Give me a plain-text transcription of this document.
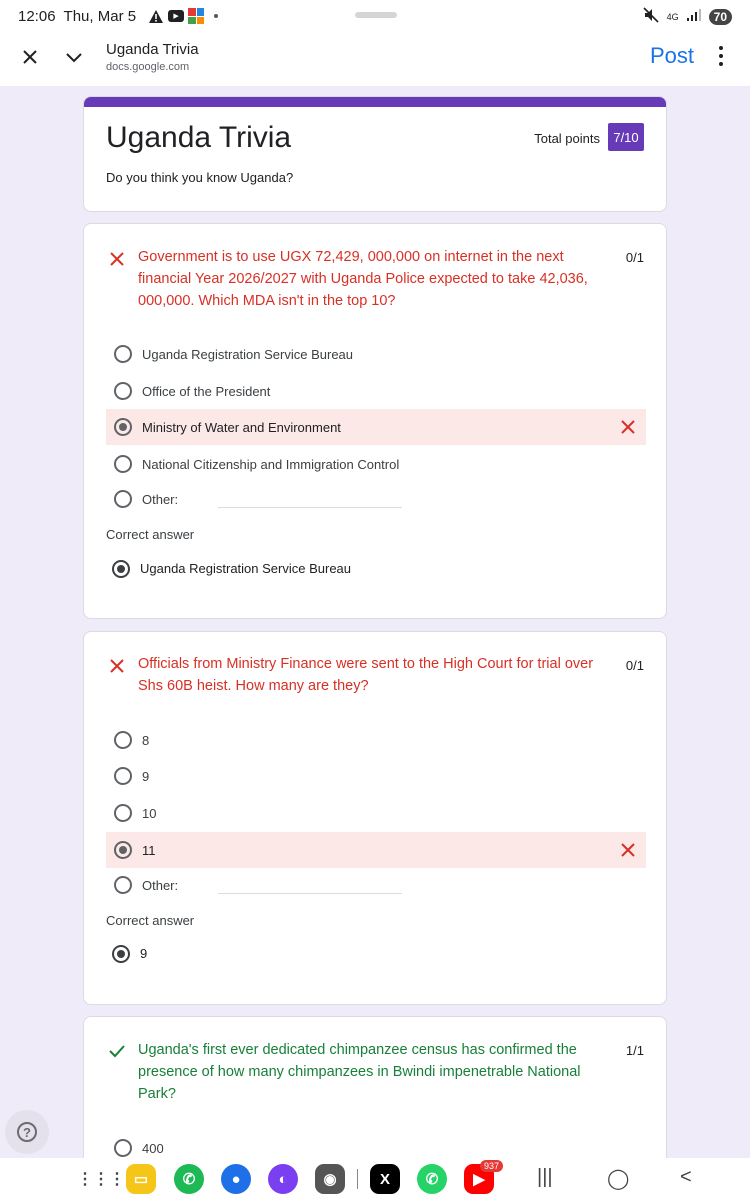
12:06 Thu, Mar 5	▶	4G	70
Uganda Trivia
docs.google.com	Post
Uganda Trivia	Total points	7/10
Do you think you know Uganda?
Government is to use UGX 72,429, 000,000 on internet in the next financial Year 2026/2027 with Uganda Police expected to take 42,036, 000,000. Which MDA isn't in the top 10?
0/1
Uganda Registration Service Bureau
Office of the President
Ministry of Water and Environment
National Citizenship and Immigration Control
Other:
Correct answer
Uganda Registration Service Bureau
Officials from Ministry Finance were sent to the High Court for trial over Shs 60B heist. How many are they?
0/1
8
9
10
11
Other:
Correct answer
9
Uganda's first ever dedicated chimpanzee census has confirmed the presence of how many chimpanzees in Bwindi impenetrable National Park?
1/1
400
?
⋮⋮⋮ ▭	✆	●	◐	◉	X	✆	▶
937 |||	◯	<
